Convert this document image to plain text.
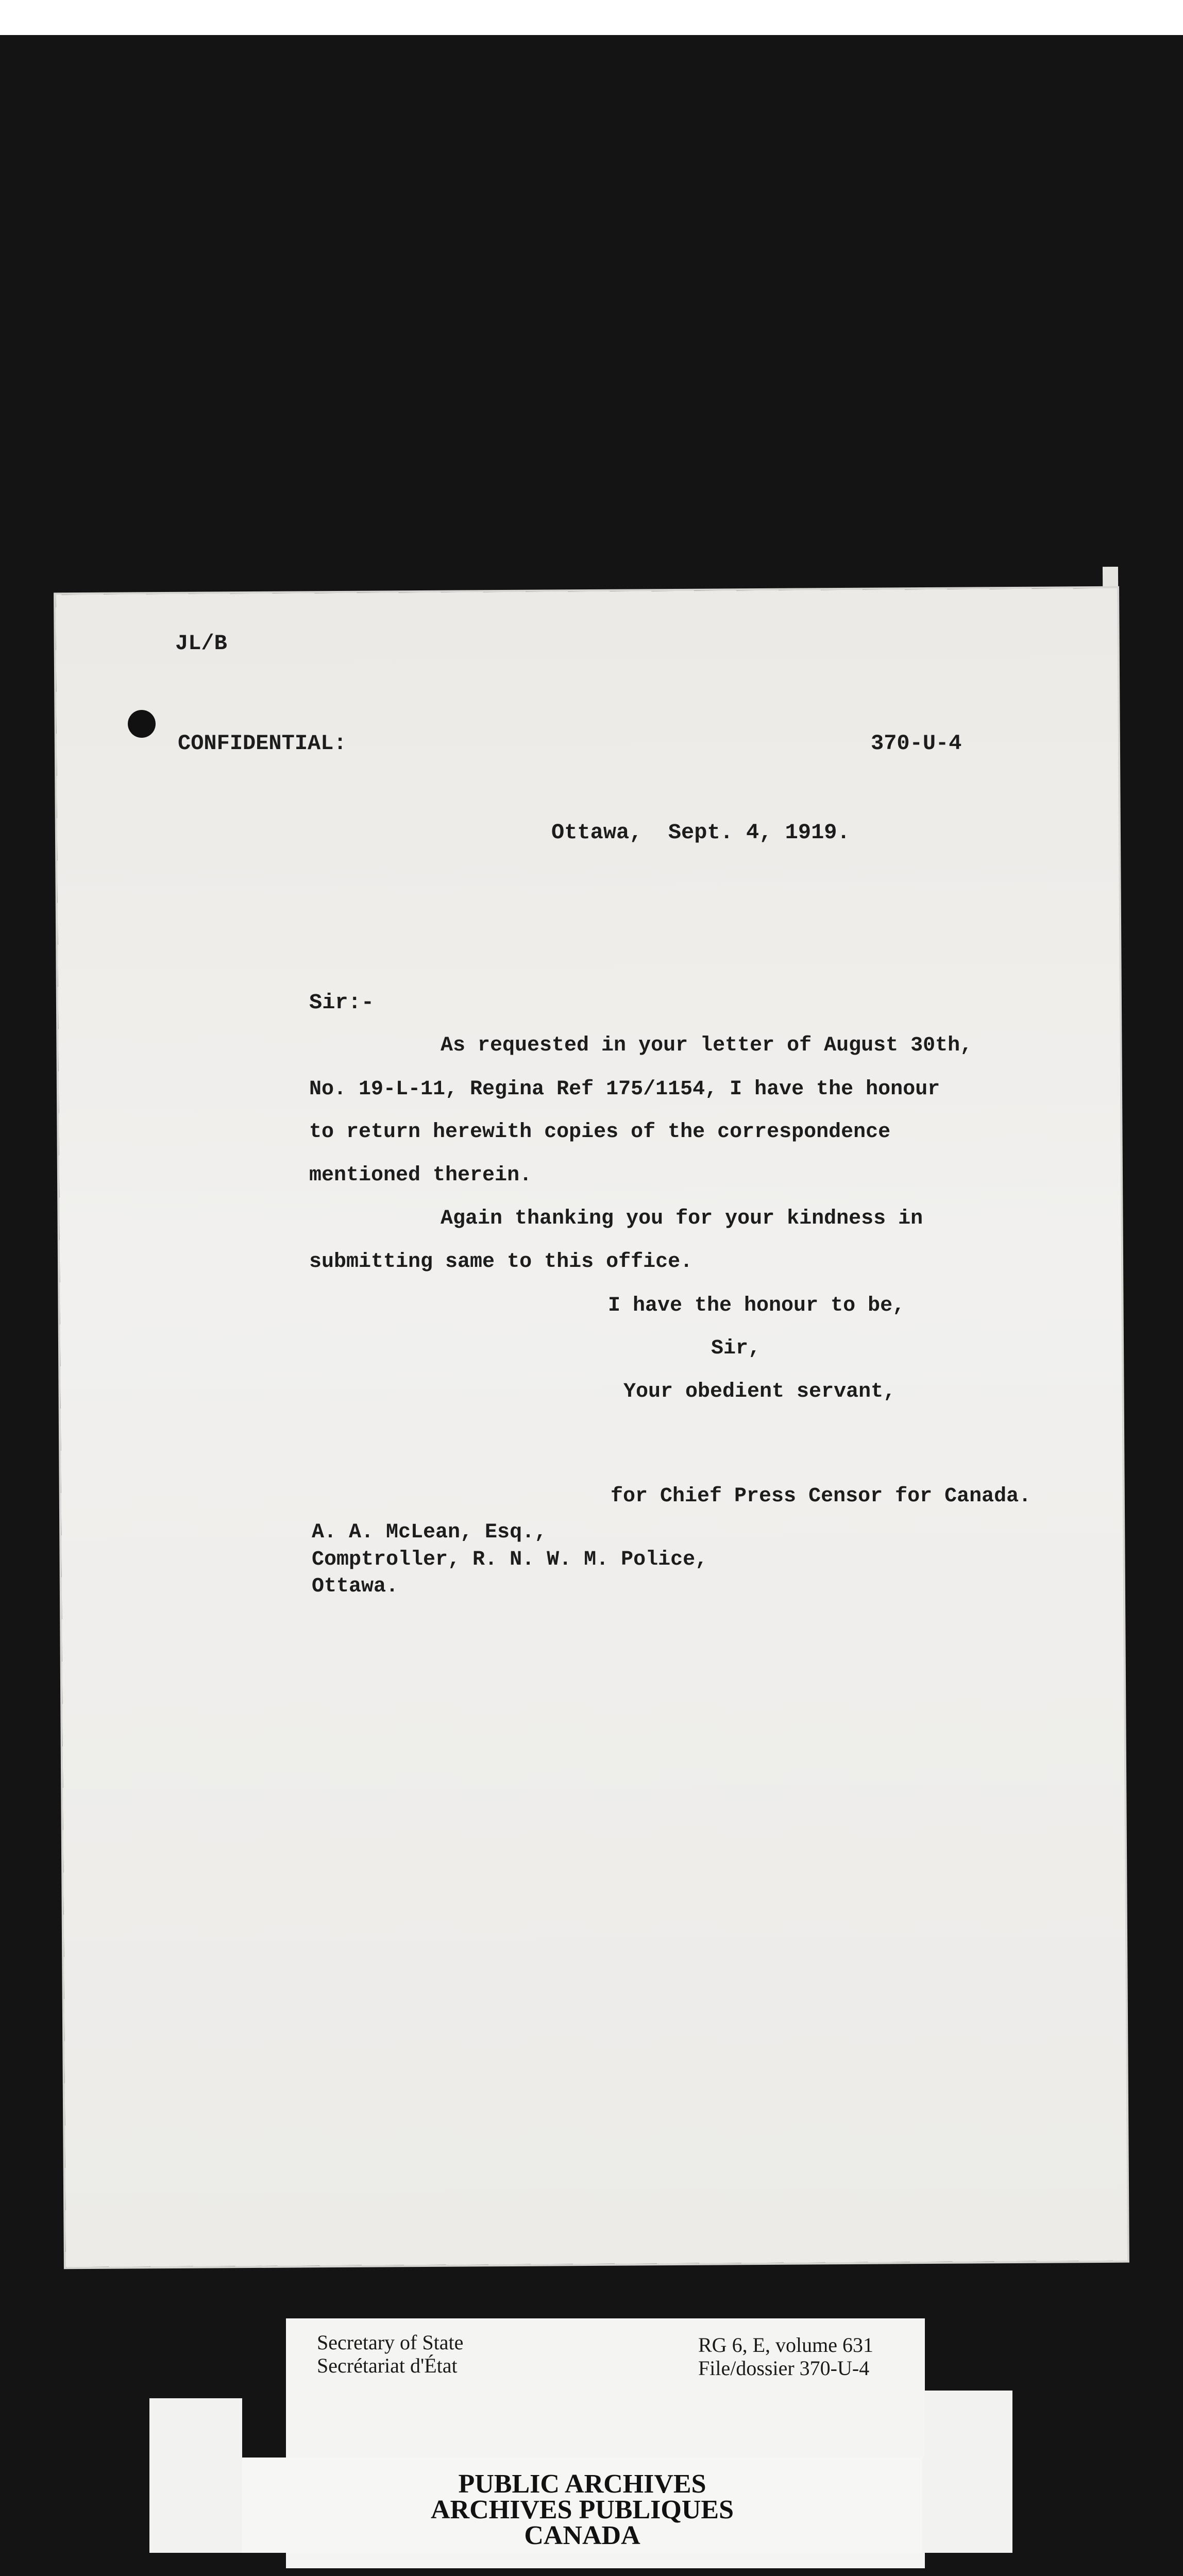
JL/B

CONFIDENTIAL:	370-U-4

Ottawa,  Sept. 4, 1919.

Sir:-

As requested in your letter of August 30th,

No. 19-L-11, Regina Ref 175/1154, I have the honour

to return herewith copies of the correspondence

mentioned therein.

Again thanking you for your kindness in

submitting same to this office.

I have the honour to be,

Sir,

Your obedient servant,

for Chief Press Censor for Canada.

A. A. McLean, Esq.,

Comptroller, R. N. W. M. Police,

Ottawa.

Secretary of State

Secrétariat d'État

RG 6, E, volume 631

File/dossier 370-U-4

PUBLIC ARCHIVES

ARCHIVES PUBLIQUES

CANADA
